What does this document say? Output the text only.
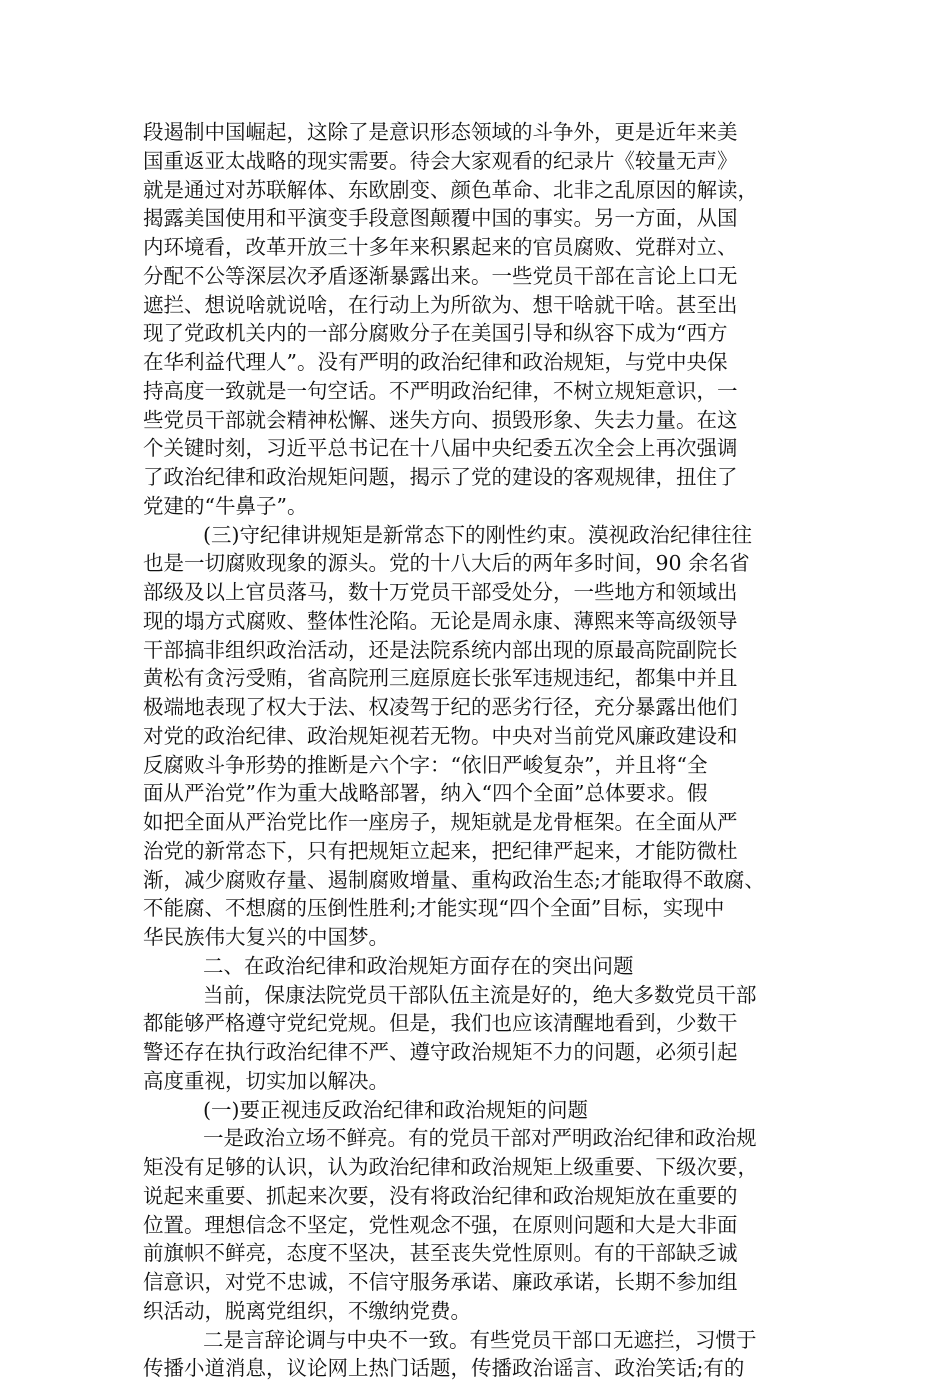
段遏制中国崛起，这除了是意识形态领域的斗争外，更是近年来美
国重返亚太战略的现实需要。待会大家观看的纪录片《较量无声》
就是通过对苏联解体、东欧剧变、颜色革命、北非之乱原因的解读，
揭露美国使用和平演变手段意图颠覆中国的事实。另一方面，从国
内环境看，改革开放三十多年来积累起来的官员腐败、党群对立、
分配不公等深层次矛盾逐渐暴露出来。一些党员干部在言论上口无
遮拦、想说啥就说啥，在行动上为所欲为、想干啥就干啥。甚至出
现了党政机关内的一部分腐败分子在美国引导和纵容下成为“西方
在华利益代理人”。没有严明的政治纪律和政治规矩，与党中央保
持高度一致就是一句空话。不严明政治纪律，不树立规矩意识，一
些党员干部就会精神松懈、迷失方向、损毁形象、失去力量。在这
个关键时刻，习近平总书记在十八届中央纪委五次全会上再次强调
了政治纪律和政治规矩问题，揭示了党的建设的客观规律，扭住了
党建的“牛鼻子”。
(三)守纪律讲规矩是新常态下的刚性约束。漠视政治纪律往往
也是一切腐败现象的源头。党的十八大后的两年多时间，90 余名省
部级及以上官员落马，数十万党员干部受处分，一些地方和领域出
现的塌方式腐败、整体性沦陷。无论是周永康、薄熙来等高级领导
干部搞非组织政治活动，还是法院系统内部出现的原最高院副院长
黄松有贪污受贿，省高院刑三庭原庭长张军违规违纪，都集中并且
极端地表现了权大于法、权凌驾于纪的恶劣行径，充分暴露出他们
对党的政治纪律、政治规矩视若无物。中央对当前党风廉政建设和
反腐败斗争形势的推断是六个字：“依旧严峻复杂”，并且将“全
面从严治党”作为重大战略部署，纳入“四个全面”总体要求。假
如把全面从严治党比作一座房子，规矩就是龙骨框架。在全面从严
治党的新常态下，只有把规矩立起来，把纪律严起来，才能防微杜
渐，减少腐败存量、遏制腐败增量、重构政治生态;才能取得不敢腐、
不能腐、不想腐的压倒性胜利;才能实现“四个全面”目标，实现中
华民族伟大复兴的中国梦。
二、在政治纪律和政治规矩方面存在的突出问题
当前，保康法院党员干部队伍主流是好的，绝大多数党员干部
都能够严格遵守党纪党规。但是，我们也应该清醒地看到，少数干
警还存在执行政治纪律不严、遵守政治规矩不力的问题，必须引起
高度重视，切实加以解决。
(一)要正视违反政治纪律和政治规矩的问题
一是政治立场不鲜亮。有的党员干部对严明政治纪律和政治规
矩没有足够的认识，认为政治纪律和政治规矩上级重要、下级次要，
说起来重要、抓起来次要，没有将政治纪律和政治规矩放在重要的
位置。理想信念不坚定，党性观念不强，在原则问题和大是大非面
前旗帜不鲜亮，态度不坚决，甚至丧失党性原则。有的干部缺乏诚
信意识，对党不忠诚，不信守服务承诺、廉政承诺，长期不参加组
织活动，脱离党组织，不缴纳党费。
二是言辞论调与中央不一致。有些党员干部口无遮拦，习惯于
传播小道消息，议论网上热门话题，传播政治谣言、政治笑话;有的
